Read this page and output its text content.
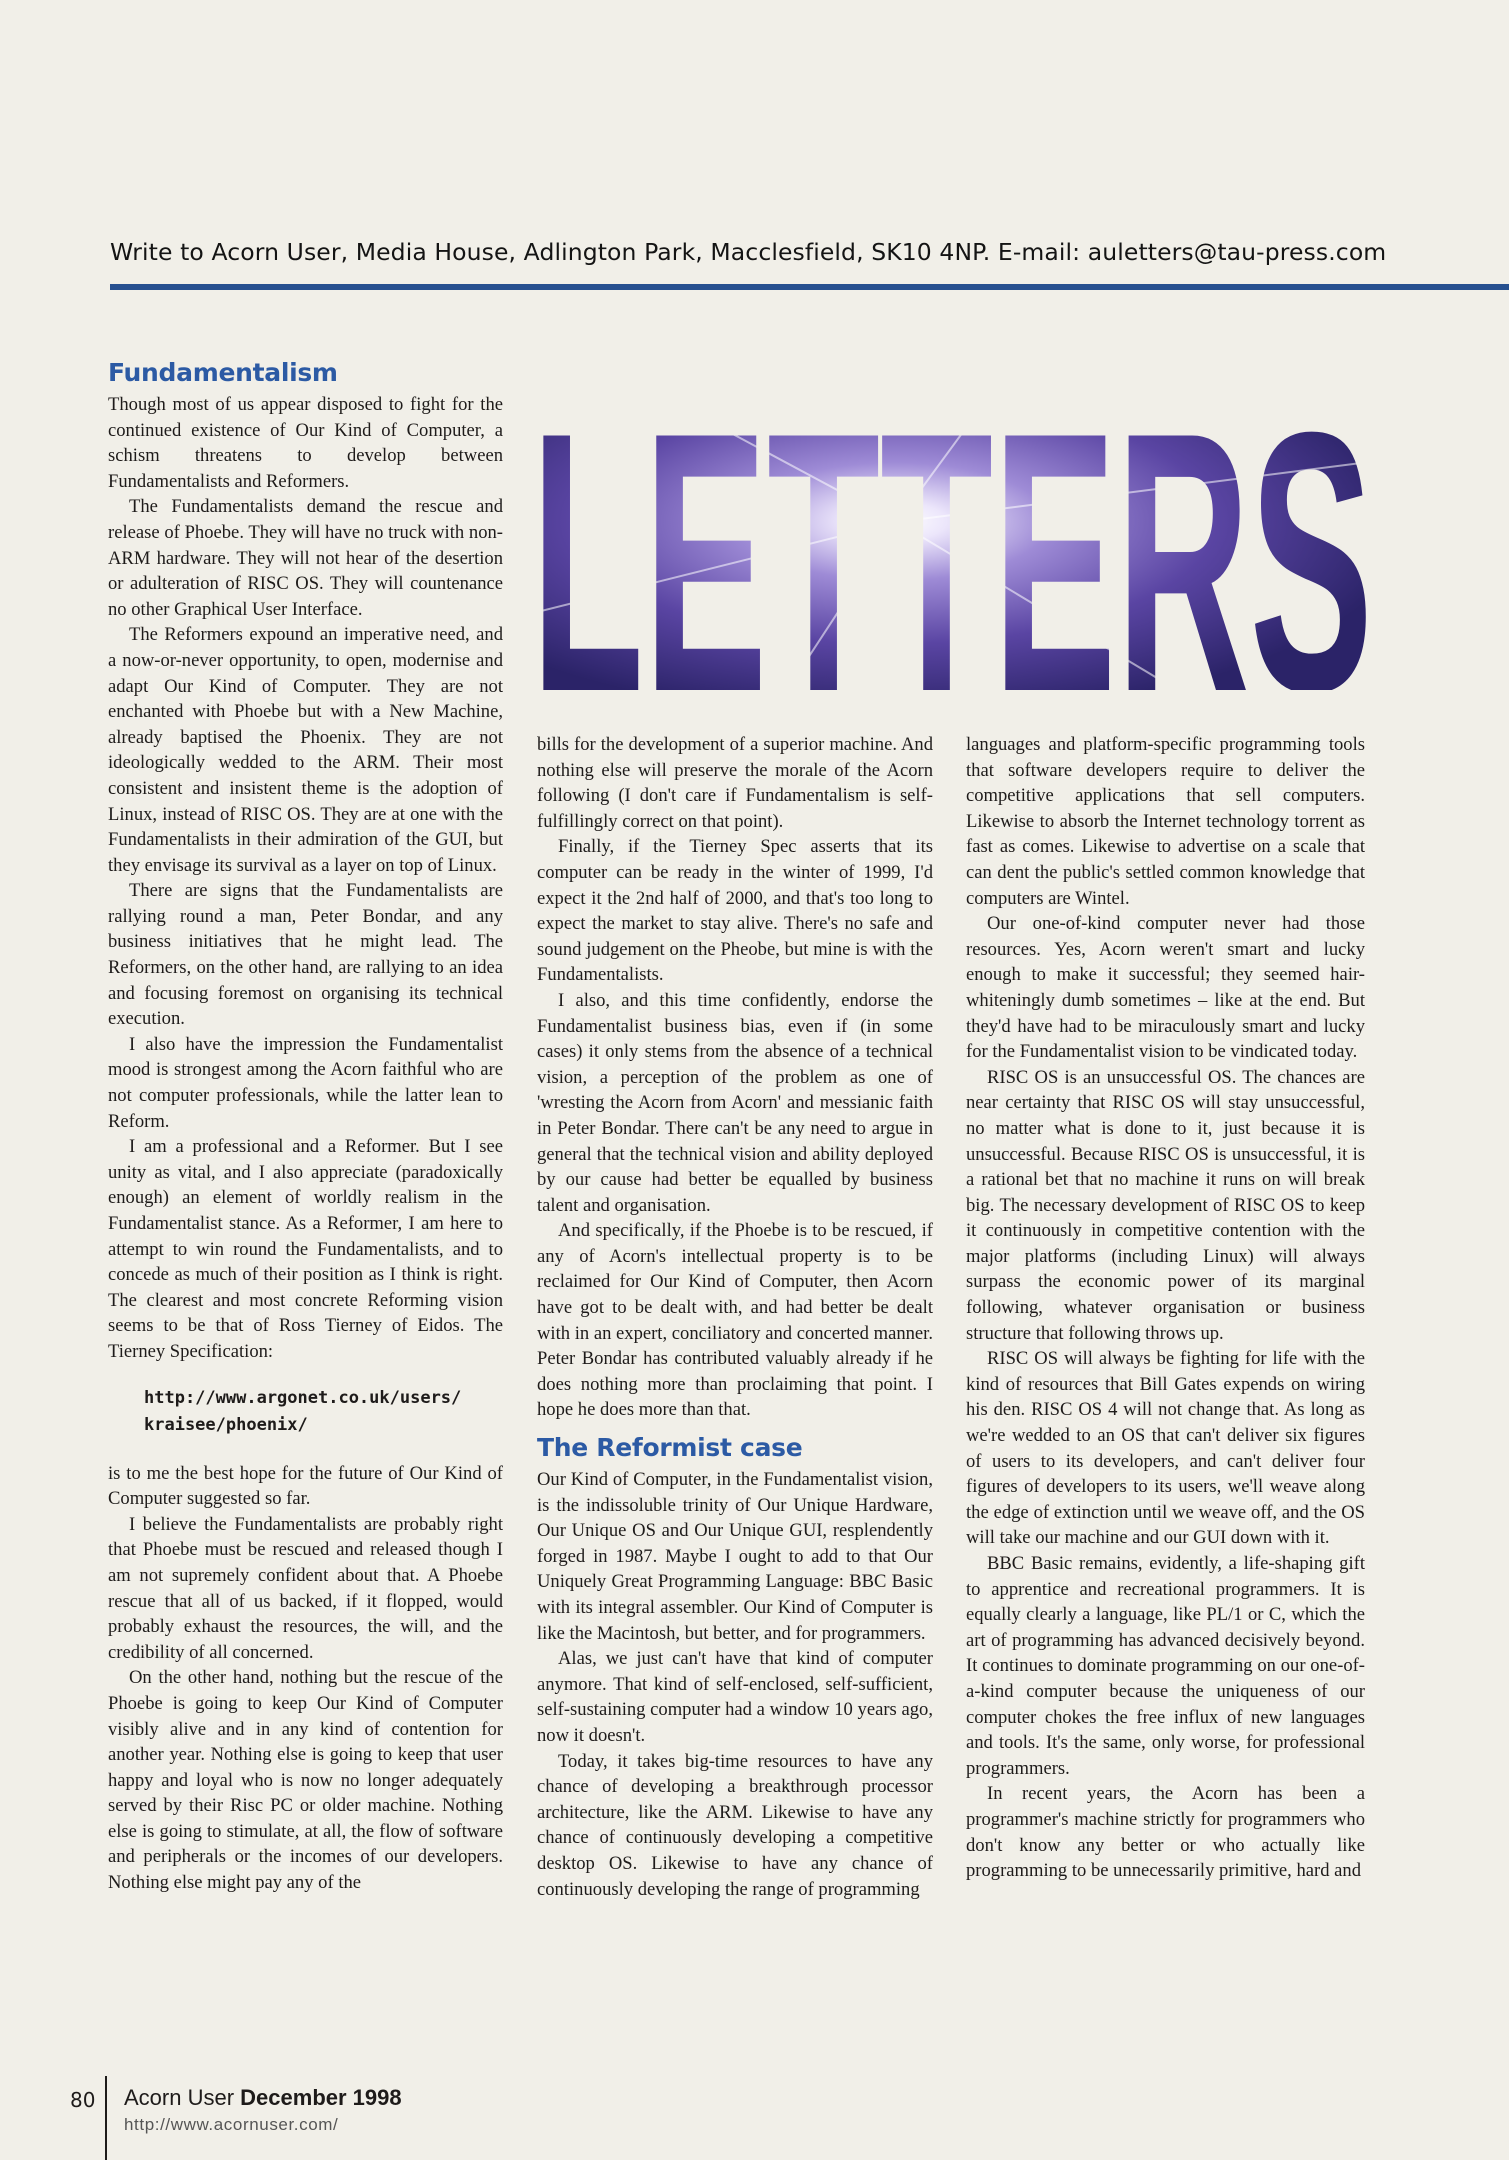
Write to Acorn User, Media House, Adlington Park, Macclesfield, SK10 4NP. E-mail: auletters@tau-press.com
LETTERS
Fundamentalism

Though most of us appear disposed to fight for the continued existence of Our Kind of Computer, a schism threatens to develop between Fundamentalists and Reformers.

The Fundamentalists demand the rescue and release of Phoebe. They will have no truck with non-ARM hardware. They will not hear of the desertion or adulteration of RISC OS. They will countenance no other Graphical User Interface.

The Reformers expound an imperative need, and a now-or-never opportunity, to open, modernise and adapt Our Kind of Computer. They are not enchanted with Phoebe but with a New Machine, already baptised the Phoenix. They are not ideologically wedded to the ARM. Their most consistent and insistent theme is the adoption of Linux, instead of RISC OS. They are at one with the Fundamentalists in their admiration of the GUI, but they envisage its survival as a layer on top of Linux.

There are signs that the Fundamentalists are rallying round a man, Peter Bondar, and any business initiatives that he might lead. The Reformers, on the other hand, are rallying to an idea and focusing foremost on organising its technical execution.

I also have the impression the Fundamentalist mood is strongest among the Acorn faithful who are not computer professionals, while the latter lean to Reform.

I am a professional and a Reformer. But I see unity as vital, and I also appreciate (paradoxically enough) an element of worldly realism in the Fundamentalist stance. As a Reformer, I am here to attempt to win round the Fundamentalists, and to concede as much of their position as I think is right. The clearest and most concrete Reforming vision seems to be that of Ross Tierney of Eidos. The Tierney Specification:

http://www.argonet.co.uk/users/
kraisee/phoenix/

is to me the best hope for the future of Our Kind of Computer suggested so far.

I believe the Fundamentalists are probably right that Phoebe must be rescued and released though I am not supremely confident about that. A Phoebe rescue that all of us backed, if it flopped, would probably exhaust the resources, the will, and the credibility of all concerned.

On the other hand, nothing but the rescue of the Phoebe is going to keep Our Kind of Computer visibly alive and in any kind of contention for another year. Nothing else is going to keep that user happy and loyal who is now no longer adequately served by their Risc PC or older machine. Nothing else is going to stimulate, at all, the flow of software and peripherals or the incomes of our developers. Nothing else might pay any of the

bills for the development of a superior machine. And nothing else will preserve the morale of the Acorn following (I don't care if Fundamentalism is self-fulfillingly correct on that point).

Finally, if the Tierney Spec asserts that its computer can be ready in the winter of 1999, I'd expect it the 2nd half of 2000, and that's too long to expect the market to stay alive. There's no safe and sound judgement on the Pheobe, but mine is with the Fundamentalists.

I also, and this time confidently, endorse the Fundamentalist business bias, even if (in some cases) it only stems from the absence of a technical vision, a perception of the problem as one of 'wresting the Acorn from Acorn' and messianic faith in Peter Bondar. There can't be any need to argue in general that the technical vision and ability deployed by our cause had better be equalled by business talent and organisation.

And specifically, if the Phoebe is to be rescued, if any of Acorn's intellectual property is to be reclaimed for Our Kind of Computer, then Acorn have got to be dealt with, and had better be dealt with in an expert, conciliatory and concerted manner. Peter Bondar has contributed valuably already if he does nothing more than proclaiming that point. I hope he does more than that.

The Reformist case

Our Kind of Computer, in the Fundamentalist vision, is the indissoluble trinity of Our Unique Hardware, Our Unique OS and Our Unique GUI, resplendently forged in 1987. Maybe I ought to add to that Our Uniquely Great Programming Language: BBC Basic with its integral assembler. Our Kind of Computer is like the Macintosh, but better, and for programmers.

Alas, we just can't have that kind of computer anymore. That kind of self-enclosed, self-sufficient, self-sustaining computer had a window 10 years ago, now it doesn't.

Today, it takes big-time resources to have any chance of developing a breakthrough processor architecture, like the ARM. Likewise to have any chance of continuously developing a competitive desktop OS. Likewise to have any chance of continuously developing the range of programming

languages and platform-specific programming tools that software developers require to deliver the competitive applications that sell computers. Likewise to absorb the Internet technology torrent as fast as comes. Likewise to advertise on a scale that can dent the public's settled common knowledge that computers are Wintel.

Our one-of-kind computer never had those resources. Yes, Acorn weren't smart and lucky enough to make it successful; they seemed hair-whiteningly dumb sometimes – like at the end. But they'd have had to be miraculously smart and lucky for the Fundamentalist vision to be vindicated today.

RISC OS is an unsuccessful OS. The chances are near certainty that RISC OS will stay unsuccessful, no matter what is done to it, just because it is unsuccessful. Because RISC OS is unsuccessful, it is a rational bet that no machine it runs on will break big. The necessary development of RISC OS to keep it continuously in competitive contention with the major platforms (including Linux) will always surpass the economic power of its marginal following, whatever organisation or business structure that following throws up.

RISC OS will always be fighting for life with the kind of resources that Bill Gates expends on wiring his den. RISC OS 4 will not change that. As long as we're wedded to an OS that can't deliver six figures of users to its developers, and can't deliver four figures of developers to its users, we'll weave along the edge of extinction until we weave off, and the OS will take our machine and our GUI down with it.

BBC Basic remains, evidently, a life-shaping gift to apprentice and recreational programmers. It is equally clearly a language, like PL/1 or C, which the art of programming has advanced decisively beyond. It continues to dominate programming on our one-of-a-kind computer because the uniqueness of our computer chokes the free influx of new languages and tools. It's the same, only worse, for professional programmers.

In recent years, the Acorn has been a programmer's machine strictly for programmers who don't know any better or who actually like programming to be unnecessarily primitive, hard and

80 Acorn User December 1998
http://www.acornuser.com/
